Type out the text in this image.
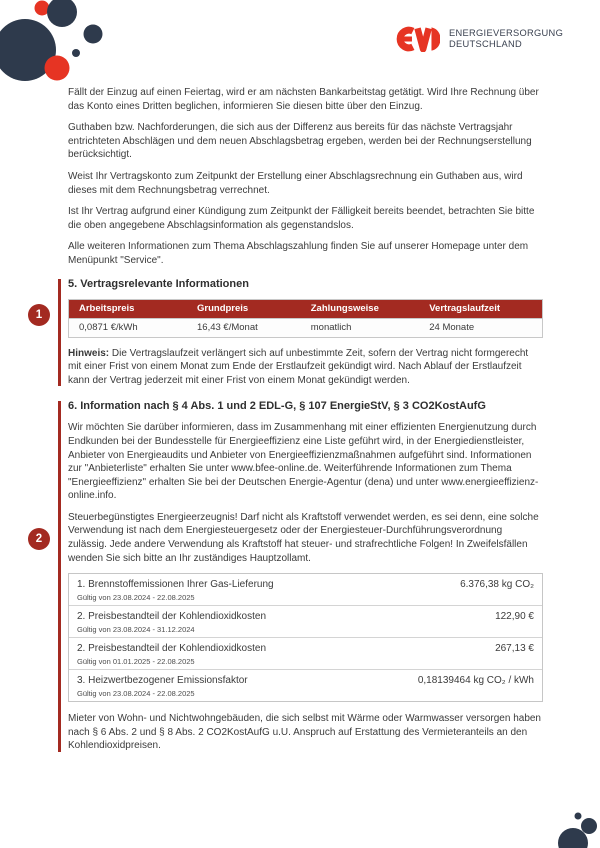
ENERGIEVERSORGUNG
DEUTSCHLAND

Fällt der Einzug auf einen Feiertag, wird er am nächsten Bankarbeitstag getätigt. Wird Ihre Rechnung über das Konto eines Dritten beglichen, informieren Sie diesen bitte über den Einzug.

Guthaben bzw. Nachforderungen, die sich aus der Differenz aus bereits für das nächste Vertragsjahr entrichteten Abschlägen und dem neuen Abschlagsbetrag ergeben, werden bei der Rechnungserstellung berücksichtigt.

Weist Ihr Vertragskonto zum Zeitpunkt der Erstellung einer Abschlagsrechnung ein Guthaben aus, wird dieses mit dem Rechnungsbetrag verrechnet.

Ist Ihr Vertrag aufgrund einer Kündigung zum Zeitpunkt der Fälligkeit bereits beendet, betrachten Sie bitte die oben angegebene Abschlagsinformation als gegenstandslos.

Alle weiteren Informationen zum Thema Abschlagszahlung finden Sie auf unserer Homepage unter dem Menüpunkt "Service".

1
5. Vertragsrelevante Informationen
Arbeitspreis	Grundpreis	Zahlungsweise	Vertragslaufzeit
0,0871 €/kWh	16,43 €/Monat	monatlich	24 Monate

Hinweis: Die Vertragslaufzeit verlängert sich auf unbestimmte Zeit, sofern der Vertrag nicht formgerecht mit einer Frist von einem Monat zum Ende der Erstlaufzeit gekündigt wird. Nach Ablauf der Erstlaufzeit kann der Vertrag jederzeit mit einer Frist von einem Monat gekündigt werden.

2
6. Information nach § 4 Abs. 1 und 2 EDL-G, § 107 EnergieStV, § 3 CO2KostAufG

Wir möchten Sie darüber informieren, dass im Zusammenhang mit einer effizienten Energienutzung durch Endkunden bei der Bundesstelle für Energieeffizienz eine Liste geführt wird, in der Energiedienstleister, Anbieter von Energieaudits und Anbieter von Energieeffizienzmaßnahmen aufgeführt sind. Informationen zur "Anbieterliste" erhalten Sie unter www.bfee-online.de. Weiterführende Informationen zum Thema "Energieeffizienz" erhalten Sie bei der Deutschen Energie-Agentur (dena) und unter www.energieeffizienz-online.info.

Steuerbegünstigtes Energieerzeugnis! Darf nicht als Kraftstoff verwendet werden, es sei denn, eine solche Verwendung ist nach dem Energiesteuergesetz oder der Energiesteuer-Durchführungsverordnung zulässig. Jede andere Verwendung als Kraftstoff hat steuer- und strafrechtliche Folgen! In Zweifelsfällen wenden Sie sich bitte an Ihr zuständiges Hauptzollamt.

1. Brennstoffemissionen Ihrer Gas-Lieferung	6.376,38 kg CO₂
Gültig von 23.08.2024 - 22.08.2025
2. Preisbestandteil der Kohlendioxidkosten	122,90 €
Gültig von 23.08.2024 - 31.12.2024
2. Preisbestandteil der Kohlendioxidkosten	267,13 €
Gültig von 01.01.2025 - 22.08.2025
3. Heizwertbezogener Emissionsfaktor	0,18139464 kg CO₂ / kWh
Gültig von 23.08.2024 - 22.08.2025

Mieter von Wohn- und Nichtwohngebäuden, die sich selbst mit Wärme oder Warmwasser versorgen haben nach § 6 Abs. 2 und § 8 Abs. 2 CO2KostAufG u.U. Anspruch auf Erstattung des Vermieteranteils an den Kohlendioxidpreisen.
